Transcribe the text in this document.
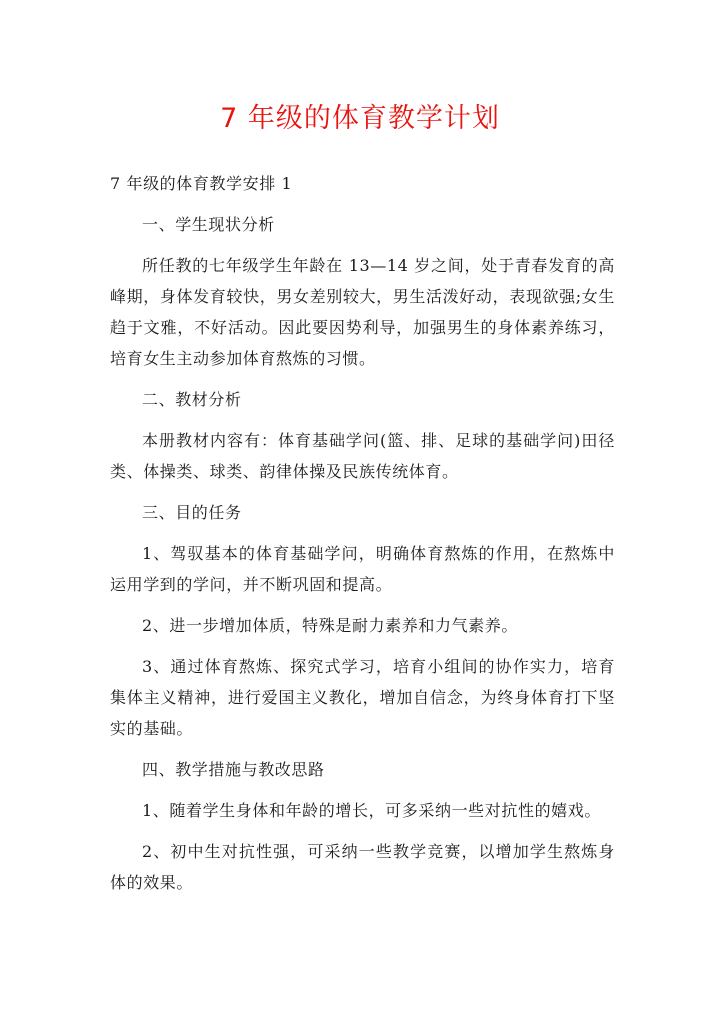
7 年级的体育教学计划

7 年级的体育教学安排 1

一、学生现状分析

所任教的七年级学生年龄在 13—14 岁之间，处于青春发育的高峰期，身体发育较快，男女差别较大，男生活泼好动，表现欲强;女生趋于文雅，不好活动。因此要因势利导，加强男生的身体素养练习，培育女生主动参加体育熬炼的习惯。

二、教材分析

本册教材内容有：体育基础学问(篮、排、足球的基础学问)田径类、体操类、球类、韵律体操及民族传统体育。

三、目的任务

1、驾驭基本的体育基础学问，明确体育熬炼的作用，在熬炼中运用学到的学问，并不断巩固和提高。

2、进一步增加体质，特殊是耐力素养和力气素养。

3、通过体育熬炼、探究式学习，培育小组间的协作实力，培育集体主义精神，进行爱国主义教化，增加自信念，为终身体育打下坚实的基础。

四、教学措施与教改思路

1、随着学生身体和年龄的增长，可多采纳一些对抗性的嬉戏。

2、初中生对抗性强，可采纳一些教学竞赛，以增加学生熬炼身体的效果。
